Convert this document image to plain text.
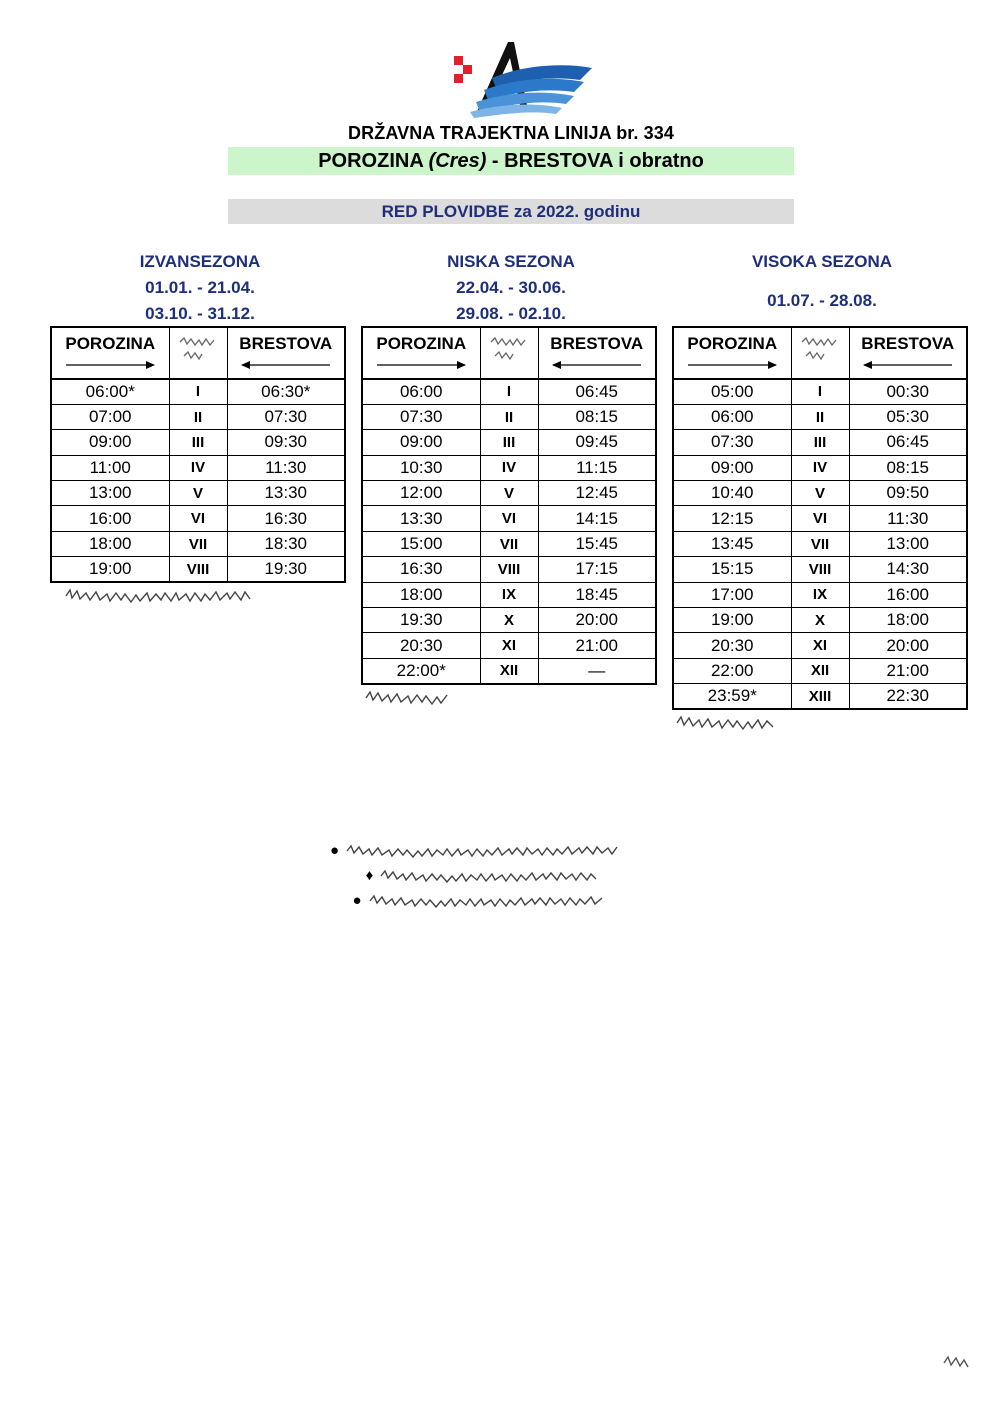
DRŽAVNA TRAJEKTNA LINIJA br. 334
POROZINA (Cres) - BRESTOVA i obratno
RED PLOVIDBE za 2022. godinu
IZVANSEZONA
01.01. - 21.04.
03.10. - 31.12.
NISKA SEZONA
22.04. - 30.06.
29.08. - 02.10.
VISOKA SEZONA
01.07. - 28.08.
POROZINA		BRESTOVA

06:00*	I	06:30*
07:00	II	07:30
09:00	III	09:30
11:00	IV	11:30
13:00	V	13:30
16:00	VI	16:30
18:00	VII	18:30
19:00	VIII	19:30
POROZINA		BRESTOVA

06:00	I	06:45
07:30	II	08:15
09:00	III	09:45
10:30	IV	11:15
12:00	V	12:45
13:30	VI	14:15
15:00	VII	15:45
16:30	VIII	17:15
18:00	IX	18:45
19:30	X	20:00
20:30	XI	21:00
22:00*	XII	—
POROZINA		BRESTOVA

05:00	I	00:30
06:00	II	05:30
07:30	III	06:45
09:00	IV	08:15
10:40	V	09:50
12:15	VI	11:30
13:45	VII	13:00
15:15	VIII	14:30
17:00	IX	16:00
19:00	X	18:00
20:30	XI	20:00
22:00	XII	21:00
23:59*	XIII	22:30
●
♦
●
